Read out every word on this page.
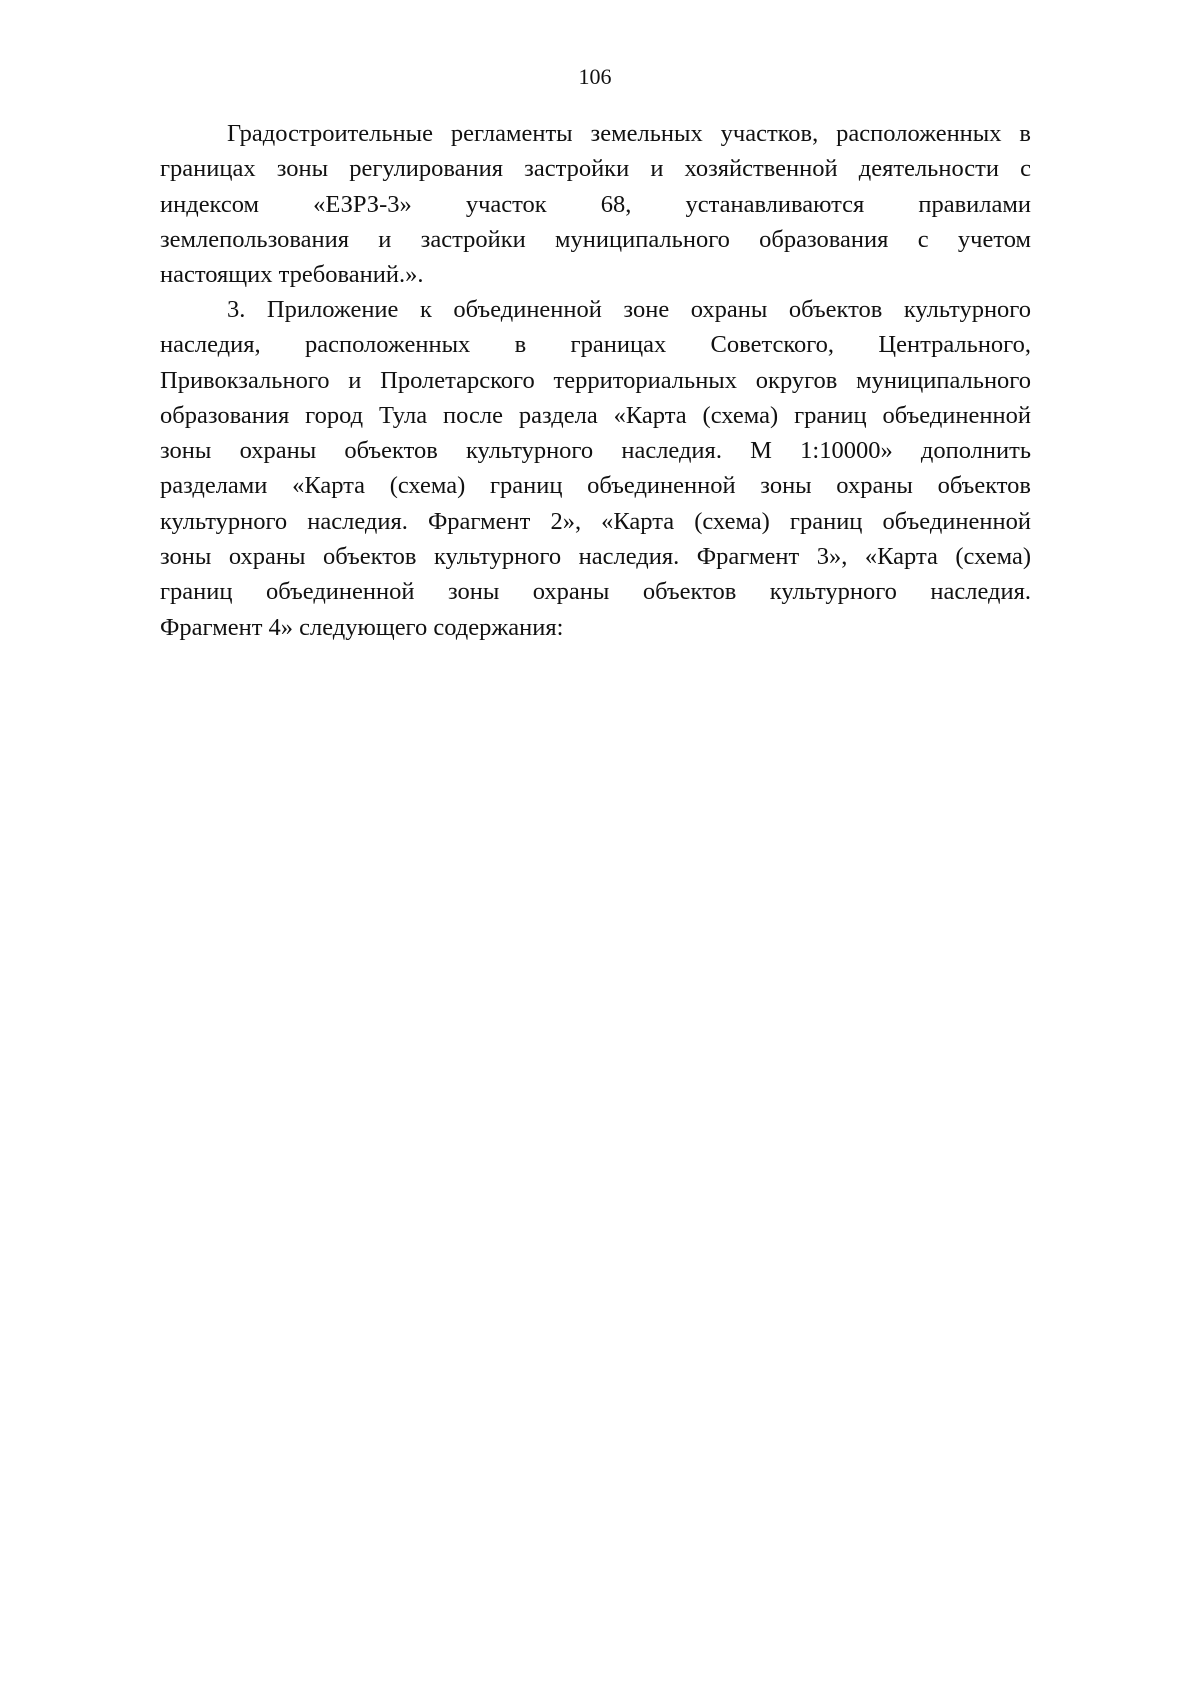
106
Градостроительные регламенты земельных участков, расположенных в
границах зоны регулирования застройки и хозяйственной деятельности с
индексом «ЕЗРЗ-3» участок 68, устанавливаются правилами
землепользования и застройки муниципального образования с учетом
настоящих требований.».
3. Приложение к объединенной зоне охраны объектов культурного
наследия, расположенных в границах Советского, Центрального,
Привокзального и Пролетарского территориальных округов муниципального
образования город Тула после раздела «Карта (схема) границ объединенной
зоны охраны объектов культурного наследия. М 1:10000» дополнить
разделами «Карта (схема) границ объединенной зоны охраны объектов
культурного наследия. Фрагмент 2», «Карта (схема) границ объединенной
зоны охраны объектов культурного наследия. Фрагмент 3», «Карта (схема)
границ объединенной зоны охраны объектов культурного наследия.
Фрагмент 4» следующего содержания:
